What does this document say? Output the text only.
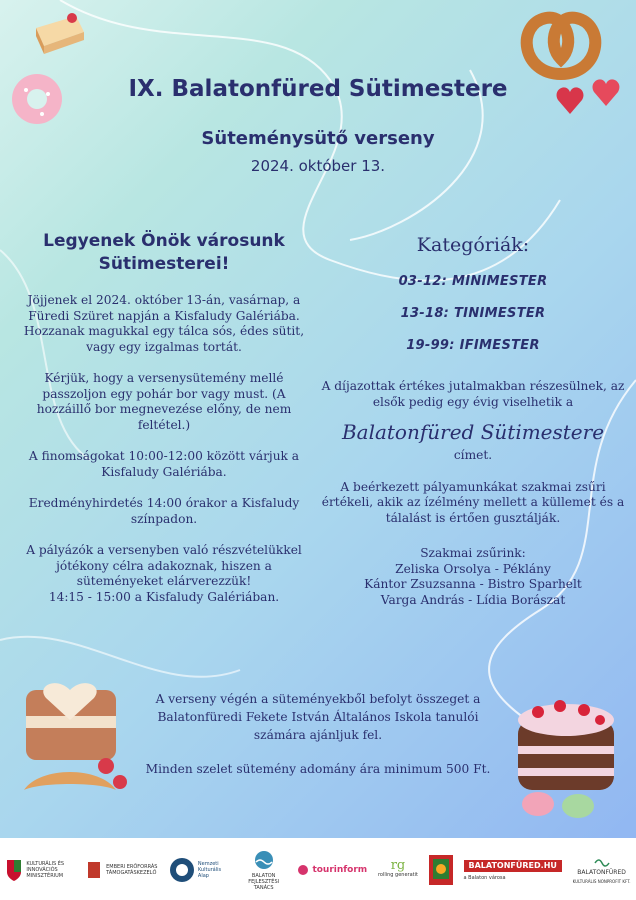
IX. Balatonfüred Sütimestere
Süteménysütő verseny
2024. október 13.
Legyenek Önök városunk
Sütimesterei!

Jöjjenek el 2024. október 13-án, vasárnap, a Füredi Szüret napján a Kisfaludy Galériába. Hozzanak magukkal egy tálca sós, édes sütit, vagy egy izgalmas tortát.

Kérjük, hogy a versenysütemény mellé passzoljon egy pohár bor vagy must. (A hozzáillő bor megnevezése előny, de nem feltétel.)

A finomságokat 10:00-12:00 között várjuk a Kisfaludy Galériába.

Eredményhirdetés 14:00 órakor a Kisfaludy színpadon.

A pályázók a versenyben való részvételükkel jótékony célra adakoznak, hiszen a süteményeket elárverezzük!

14:15 - 15:00 a Kisfaludy Galériában.

Kategóriák:
03-12: MINIMESTER
13-18: TINIMESTER
19-99: IFIMESTER

A díjazottak értékes jutalmakban részesülnek, az elsők pedig egy évig viselhetik a

Balatonfüred Sütimestere

címet.

A beérkezett pályamunkákat szakmai zsűri értékeli, akik az ízélmény mellett a küllemet és a tálalást is értően gusztálják.

Szakmai zsűrink:

Zeliska Orsolya - Péklány

Kántor Zsuzsanna - Bistro Sparhelt

Varga András - Lídia Borászat

A verseny végén a süteményekből befolyt összeget a Balatonfüredi Fekete István Általános Iskola tanulói számára ajánljuk fel.

Minden szelet sütemény adomány ára minimum 500 Ft.

KULTURÁLIS ÉS INNOVÁCIÓS MINISZTÉRIUM
EMBERI ERŐFORRÁS TÁMOGATÁSKEZELŐ
Nemzeti Kulturális Alap	BALATON FEJLESZTÉSI TANÁCS
tourinform rg
rolling generatit
BALATONFÜRED.HU
a Balaton városa
BALATONFÜRED
KULTURÁLIS NONPROFIT KFT.
